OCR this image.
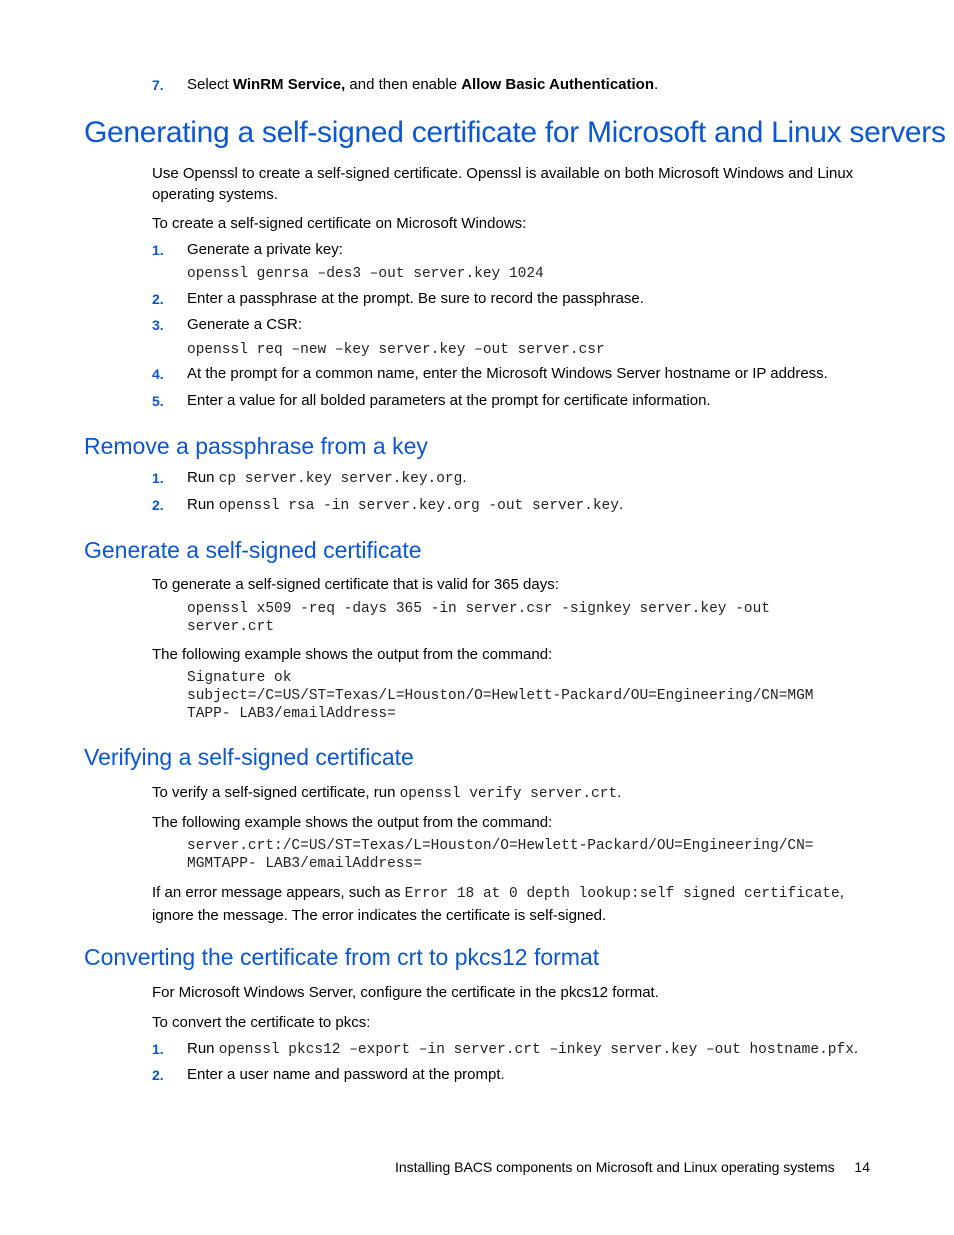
7. Select WinRM Service, and then enable Allow Basic Authentication.
Generating a self-signed certificate for Microsoft and Linux servers
Use Openssl to create a self-signed certificate. Openssl is available on both Microsoft Windows and Linux operating systems.
To create a self-signed certificate on Microsoft Windows:
1. Generate a private key:
openssl genrsa –des3 –out server.key 1024
2. Enter a passphrase at the prompt. Be sure to record the passphrase.
3. Generate a CSR:
openssl req –new –key server.key –out server.csr
4. At the prompt for a common name, enter the Microsoft Windows Server hostname or IP address.
5. Enter a value for all bolded parameters at the prompt for certificate information.
Remove a passphrase from a key
1. Run cp server.key server.key.org.
2. Run openssl rsa -in server.key.org -out server.key.
Generate a self-signed certificate
To generate a self-signed certificate that is valid for 365 days:
openssl x509 -req -days 365 -in server.csr -signkey server.key -out
server.crt
The following example shows the output from the command:
Signature ok
subject=/C=US/ST=Texas/L=Houston/O=Hewlett-Packard/OU=Engineering/CN=MGM
TAPP- LAB3/emailAddress=
Verifying a self-signed certificate
To verify a self-signed certificate, run openssl verify server.crt.
The following example shows the output from the command:
server.crt:/C=US/ST=Texas/L=Houston/O=Hewlett-Packard/OU=Engineering/CN=
MGMTAPP- LAB3/emailAddress=
If an error message appears, such as Error 18 at 0 depth lookup:self signed certificate,
ignore the message. The error indicates the certificate is self-signed.
Converting the certificate from crt to pkcs12 format
For Microsoft Windows Server, configure the certificate in the pkcs12 format.
To convert the certificate to pkcs:
1. Run openssl pkcs12 –export –in server.crt –inkey server.key –out hostname.pfx.
2. Enter a user name and password at the prompt.
Installing BACS components on Microsoft and Linux operating systems 14
